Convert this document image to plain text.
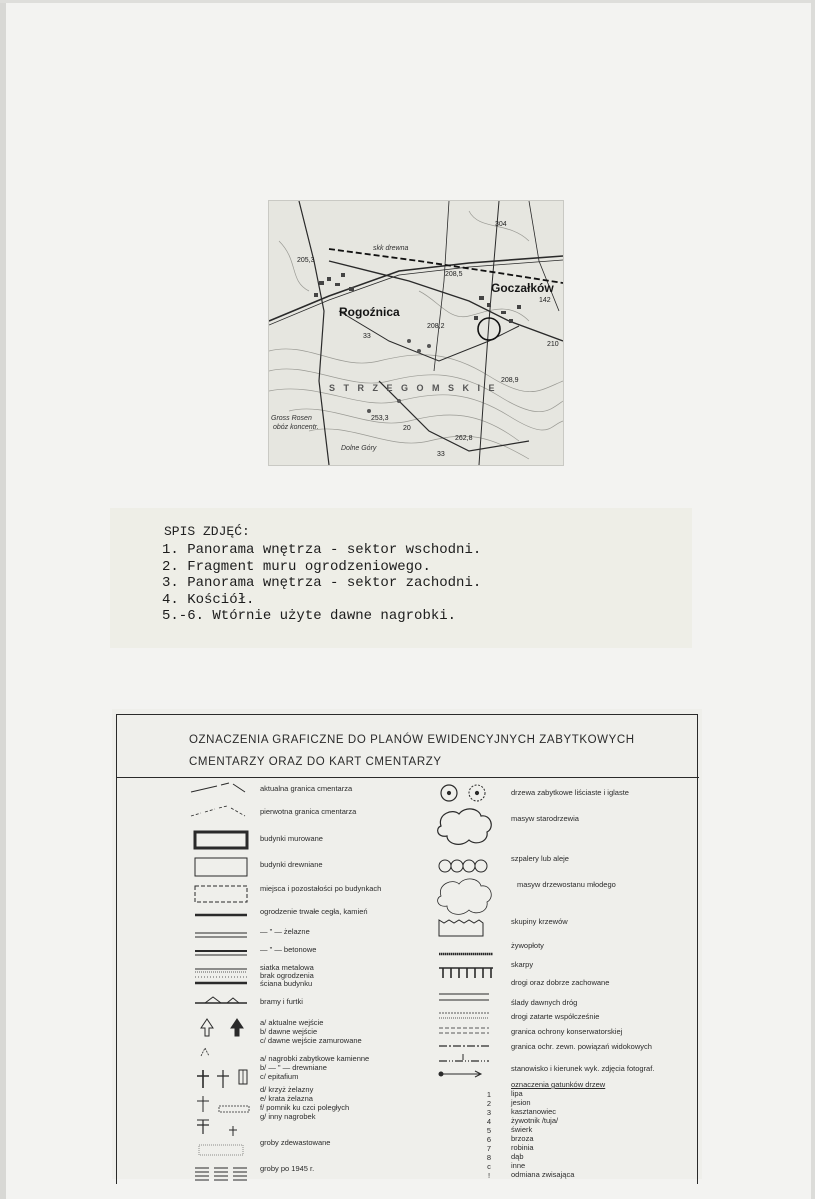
Rogoźnica
Goczałków
Gross Rosen
obóz koncentr.
skk drewna
Dolne Góry
S T R Z E G O M S K I E
205,3
208,5
208,2
208,9
142
304
210
253,3
262,8
33
33
20
SPIS ZDJĘĆ:
1. Panorama wnętrza - sektor wschodni.
2. Fragment muru ogrodzeniowego.
3. Panorama wnętrza - sektor zachodni.
4. Kościół.
5.-6. Wtórnie użyte dawne nagrobki.
OZNACZENIA GRAFICZNE DO PLANÓW EWIDENCYJNYCH ZABYTKOWYCH
CMENTARZY ORAZ DO KART CMENTARZY
aktualna granica cmentarza
pierwotna granica cmentarza
budynki murowane
budynki drewniane
miejsca i pozostałości po budynkach
ogrodzenie trwałe cegła, kamień
— " — żelazne
— " — betonowe
siatka metalowa
brak ogrodzenia
ściana budynku
bramy i furtki
a/ aktualne wejście
b/ dawne wejście
c/ dawne wejście zamurowane
a/ nagrobki zabytkowe kamienne
b/ — " — drewniane
c/ epitafium
d/ krzyż żelazny
e/ krata żelazna
f/ pomnik ku czci poległych
g/ inny nagrobek
groby zdewastowane
groby po 1945 r.
drzewa zabytkowe liściaste i iglaste
masyw starodrzewia
szpalery lub aleje
masyw drzewostanu młodego
skupiny krzewów
żywopłoty
skarpy
drogi oraz dobrze zachowane
ślady dawnych dróg
drogi zatarte współcześnie
granica ochrony konserwatorskiej
granica ochr. zewn. powiązań widokowych
stanowisko i kierunek wyk. zdjęcia fotograf.
oznaczenia gatunków drzew
1	lipa
2	jesion
3	kasztanowiec
4	żywotnik /tuja/
5	świerk
6	brzoza
7	robinia
8	dąb
c	inne
!	odmiana zwisająca
